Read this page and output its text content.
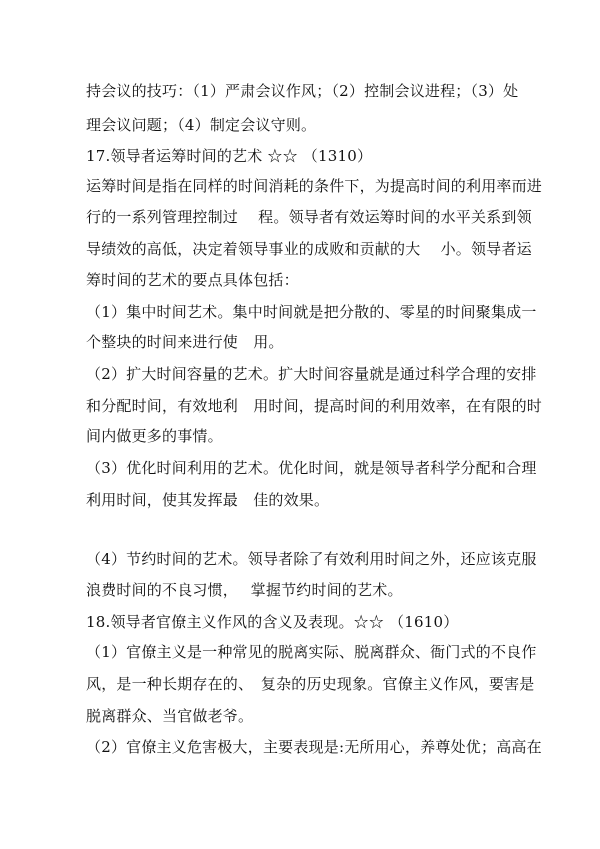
持会议的技巧：（1）严肃会议作风；（2）控制会议进程；（3）处
理会议问题；（4）制定会议守则。
17.领导者运筹时间的艺术 ☆☆ （1310）
运筹时间是指在同样的时间消耗的条件下，为提高时间的利用率而进
行的一系列管理控制过　 程。领导者有效运筹时间的水平关系到领
导绩效的高低，决定着领导事业的成败和贡献的大　 小。领导者运
筹时间的艺术的要点具体包括：
（1）集中时间艺术。集中时间就是把分散的、零星的时间聚集成一
个整块的时间来进行使　用。
（2）扩大时间容量的艺术。扩大时间容量就是通过科学合理的安排
和分配时间，有效地利　用时间，提高时间的利用效率，在有限的时
间内做更多的事情。
（3）优化时间利用的艺术。优化时间，就是领导者科学分配和合理
利用时间，使其发挥最　佳的效果。
（4）节约时间的艺术。领导者除了有效利用时间之外，还应该克服
浪费时间的不良习惯，　 掌握节约时间的艺术。
18.领导者官僚主义作风的含义及表现。☆☆ （1610）
（1）官僚主义是一种常见的脱离实际、脱离群众、衙门式的不良作
风，是一种长期存在的、　复杂的历史现象。官僚主义作风，要害是
脱离群众、当官做老爷。
（2）官僚主义危害极大，主要表现是:无所用心，养尊处优；高高在
